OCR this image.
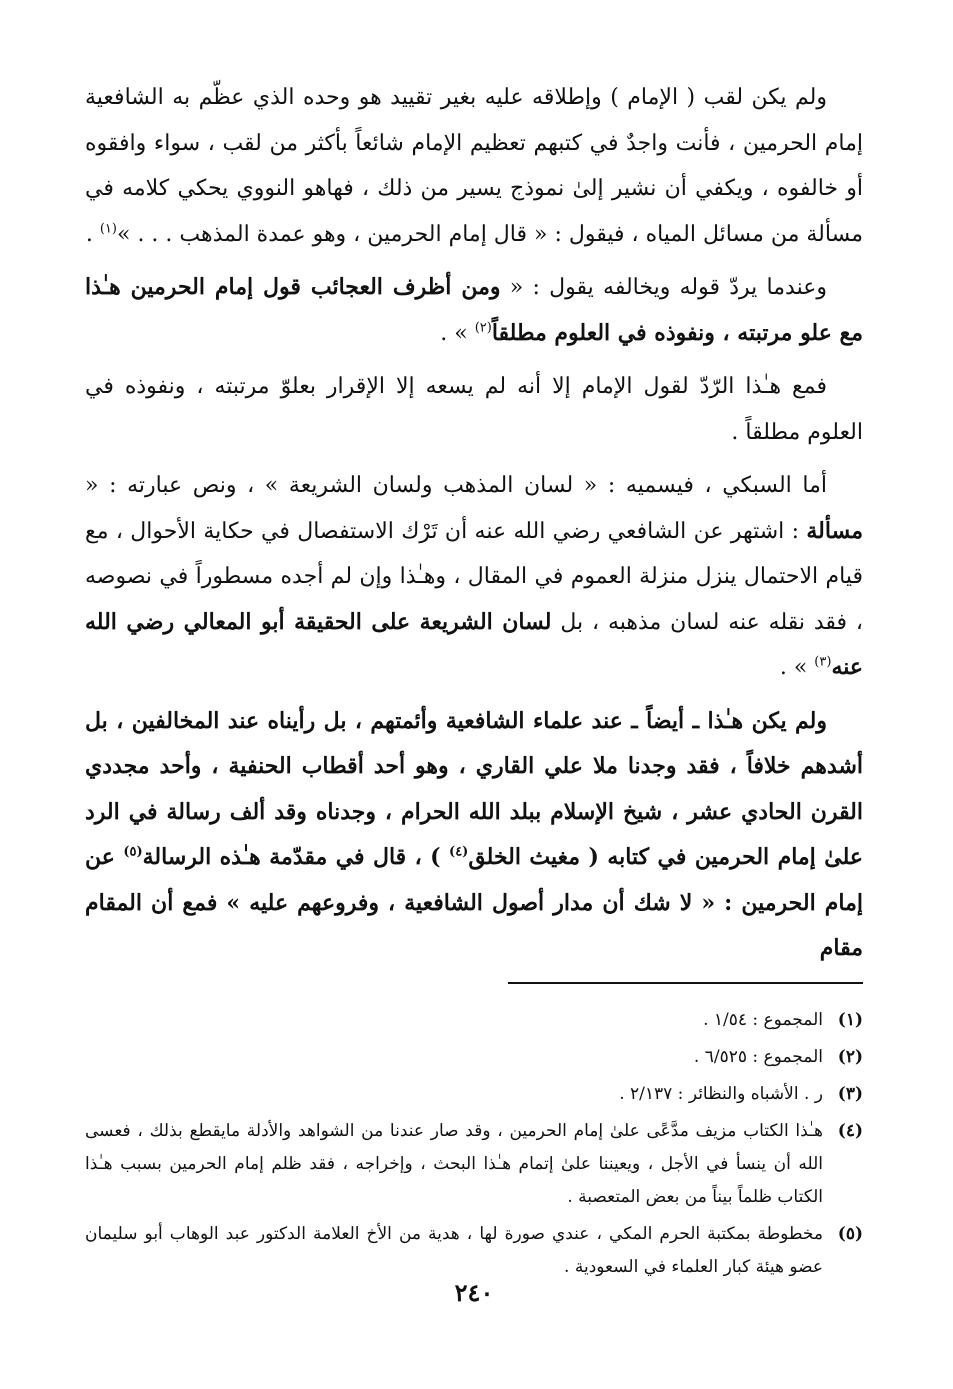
ولم يكن لقب ( الإمام ) وإطلاقه عليه بغير تقييد هو وحده الذي عظّم به الشافعية إمام الحرمين ، فأنت واجدٌ في كتبهم تعظيم الإمام شائعاً بأكثر من لقب ، سواء وافقوه أو خالفوه ، ويكفي أن نشير إلىٰ نموذج يسير من ذلك ، فهاهو النووي يحكي كلامه في مسألة من مسائل المياه ، فيقول : « قال إمام الحرمين ، وهو عمدة المذهب . . . »$^{(١)}$ .

وعندما يردّ قوله ويخالفه يقول : « ومن أظرف العجائب قول إمام الحرمين هـٰذا مع علو مرتبته ، ونفوذه في العلوم مطلقاً$^{(٢)}$ » .

فمع هـٰذا الرّدّ لقول الإمام إلا أنه لم يسعه إلا الإقرار بعلوّ مرتبته ، ونفوذه في العلوم مطلقاً .

أما السبكي ، فيسميه : « لسان المذهب ولسان الشريعة » ، ونص عبارته : « مسألة : اشتهر عن الشافعي رضي الله عنه أن تَرْك الاستفصال في حكاية الأحوال ، مع قيام الاحتمال ينزل منزلة العموم في المقال ، وهـٰذا وإن لم أجده مسطوراً في نصوصه ، فقد نقله عنه لسان مذهبه ، بل لسان الشريعة على الحقيقة أبو المعالي رضي الله عنه$^{(٣)}$ » .

ولم يكن هـٰذا ـ أيضاً ـ عند علماء الشافعية وأئمتهم ، بل رأيناه عند المخالفين ، بل أشدهم خلافاً ، فقد وجدنا ملا علي القاري ، وهو أحد أقطاب الحنفية ، وأحد مجددي القرن الحادي عشر ، شيخ الإسلام ببلد الله الحرام ، وجدناه وقد ألف رسالة في الرد علىٰ إمام الحرمين في كتابه ( مغيث الخلق$^{(٤)}$ ) ، قال في مقدّمة هـٰذه الرسالة$^{(٥)}$ عن إمام الحرمين : « لا شك أن مدار أصول الشافعية ، وفروعهم عليه » فمع أن المقام مقام

(١)
المجموع : ١/٥٤ .
(٢)
المجموع : ٦/٥٢٥ .
(٣)
ر . الأشباه والنظائر : ٢/١٣٧ .
(٤)
هـٰذا الكتاب مزيف مدَّعًى علىٰ إمام الحرمين ، وقد صار عندنا من الشواهد والأدلة مايقطع بذلك ، فعسى الله أن ينسأ في الأجل ، ويعيننا علىٰ إتمام هـٰذا البحث ، وإخراجه ، فقد ظلم إمام الحرمين بسبب هـٰذا الكتاب ظلماً بيناً من بعض المتعصبة .
(٥)
مخطوطة بمكتبة الحرم المكي ، عندي صورة لها ، هدية من الأخ العلامة الدكتور عبد الوهاب أبو سليمان عضو هيئة كبار العلماء في السعودية .
٢٤٠
